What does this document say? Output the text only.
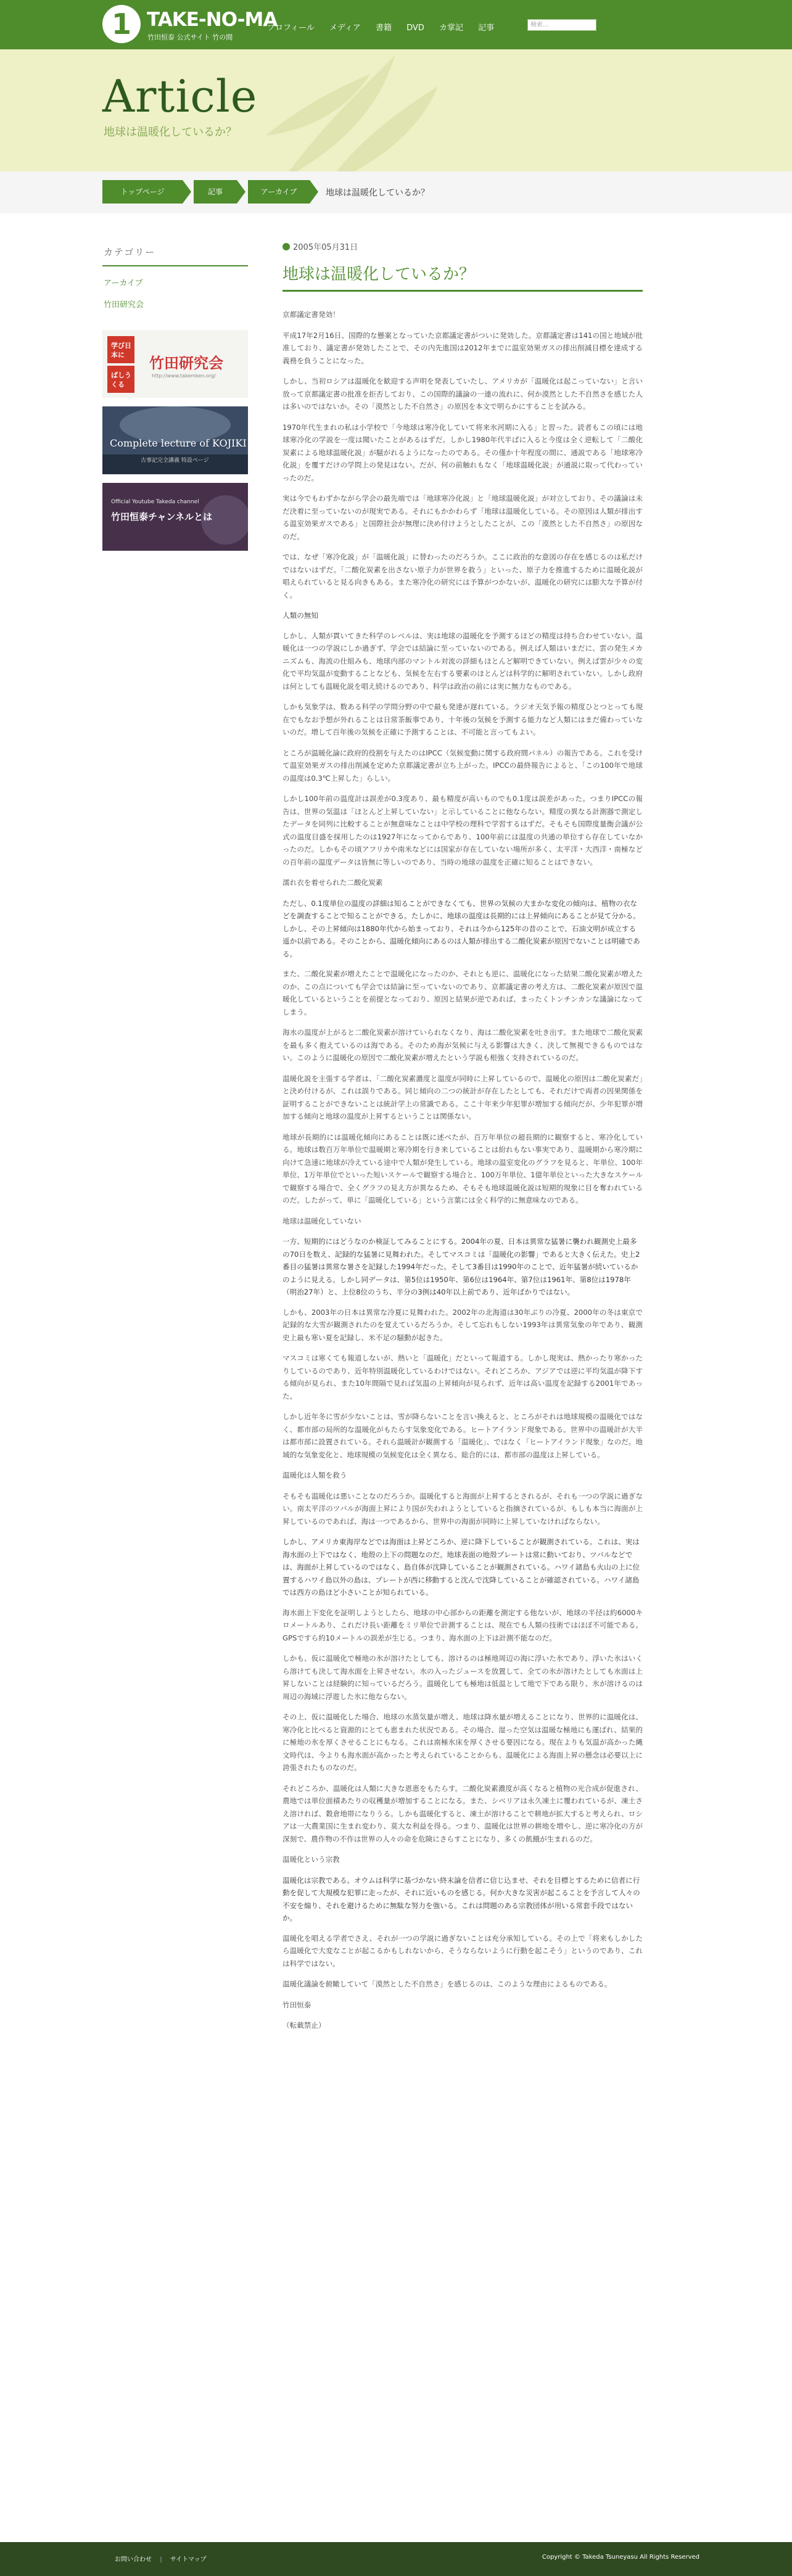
1 TAKE-NO-MA
竹田恒泰 公式サイト 竹の間
プロフィール メディア 書籍 DVD カ掌記 記事	検索...
Article
地球は温暖化しているか？
トップページ	記事	アーカイブ	地球は温暖化しているか？
カテゴリー
アーカイブ
竹田研究会
学び日本に
ばしうくる
竹田研究会
http://www.takemken.org/
Complete lecture of KOJIKI
古事記完全講義 特設ページ
Official Youtube Takeda channel
竹田恒泰チャンネルとは
2005年05月31日
地球は温暖化しているか？

京都議定書発効！

平成17年2月16日、国際的な懸案となっていた京都議定書がついに発効した。京都議定書は141の国と地域が批准しており、議定書が発効したことで、その内先進国は2012年までに温室効果ガスの排出削減目標を達成する義務を負うことになった。

しかし、当初ロシアは温暖化を歓迎する声明を発表していたし、アメリカが「温暖化は起こっていない」と言い放って京都議定書の批准を拒否しており、この国際的議論の一連の流れに、何か漠然とした不自然さを感じた人は多いのではないか。その「漠然とした不自然さ」の原因を本文で明らかにすることを試みる。

1970年代生まれの私は小学校で「今地球は寒冷化していて将来氷河期に入る」と習った。読者もこの頃には地球寒冷化の学説を一度は聞いたことがあるはずだ。しかし1980年代半ばに入ると今度は全く逆転して「二酸化炭素による地球温暖化説」が騒がれるようになったのである。その僅か十年程度の間に、通説である「地球寒冷化説」を覆すだけの学問上の発見はない。だが、何の前触れもなく「地球温暖化説」が通説に取って代わっていったのだ。

実は今でもわずかながら学会の最先端では「地球寒冷化説」と「地球温暖化説」が対立しており、その議論は未だ決着に至っていないのが現実である。それにもかかわらず「地球は温暖化している。その原因は人類が排出する温室効果ガスである」と国際社会が無理に決め付けようとしたことが、この「漠然とした不自然さ」の原因なのだ。

では、なぜ「寒冷化説」が「温暖化説」に替わったのだろうか。ここに政治的な意図の存在を感じるのは私だけではないはずだ。「二酸化炭素を出さない原子力が世界を救う」といった、原子力を推進するために温暖化説が唱えられていると見る向きもある。また寒冷化の研究には予算がつかないが、温暖化の研究には膨大な予算が付く。

人類の無知

しかし、人類が貫いてきた科学のレベルは、実は地球の温暖化を予測するほどの精度は持ち合わせていない。温暖化は一つの学説にしか過ぎず、学会では結論に至っていないのである。例えば人類はいまだに、雲の発生メカニズムも、海流の仕組みも、地球内部のマントル対流の詳細もほとんど解明できていない。例えば雲が少々の変化で平均気温が変動することなども、気候を左右する要素のほとんどは科学的に解明されていない。しかし政府は何としても温暖化説を唱え続けるのであり、科学は政治の前には実に無力なものである。

しかも気象学は、数ある科学の学問分野の中で最も発達が遅れている。ラジオ天気予報の精度ひとつとっても現在でもなお予想が外れることは日常茶飯事であり、十年後の気候を予測する能力など人類にはまだ備わっていないのだ。増して百年後の気候を正確に予測することは、不可能と言ってもよい。

ところが温暖化論に政府的役割を与えたのはIPCC（気候変動に関する政府間パネル）の報告である。これを受けて温室効果ガスの排出削減を定めた京都議定書が立ち上がった。IPCCの最終報告によると、「この100年で地球の温度は0.3℃上昇した」らしい。

しかし100年前の温度計は誤差が0.3度あり、最も精度が高いものでも0.1度は誤差があった。つまりIPCCの報告は、世界の気温は「ほとんど上昇していない」と示していることに他ならない。精度の異なる計測器で測定したデータを同列に比較することが無意味なことは中学校の理科で学習するはずだ。そもそも国際度量衡会議が公式の温度目盛を採用したのは1927年になってからであり、100年前には温度の共通の単位すら存在していなかったのだ。しかもその頃アフリカや南米などには国家が存在していない場所が多く、太平洋・大西洋・南極などの百年前の温度データは皆無に等しいのであり、当時の地球の温度を正確に知ることはできない。

濡れ衣を着せられた二酸化炭素

ただし、0.1度単位の温度の詳細は知ることができなくても、世界の気候の大まかな変化の傾向は、植物の衣などを調査することで知ることができる。たしかに、地球の温度は長期的には上昇傾向にあることが見て分かる。しかし、その上昇傾向は1880年代から始まっており、それは今から125年の昔のことで、石油文明が成立する遥か以前である。そのことから、温暖化傾向にあるのは人類が排出する二酸化炭素が原因でないことは明確である。

また、二酸化炭素が増えたことで温暖化になったのか、それとも逆に、温暖化になった結果二酸化炭素が増えたのか、この点についても学会では結論に至っていないのであり、京都議定書の考え方は、二酸化炭素が原因で温暖化しているということを前提となっており、原因と結果が逆であれば、まったくトンチンカンな議論になってしまう。

海水の温度が上がると二酸化炭素が溶けていられなくなり、海は二酸化炭素を吐き出す。また地球で二酸化炭素を最も多く抱えているのは海である。そのため海が気候に与える影響は大きく、決して無視できるものではない。このように温暖化の原因で二酸化炭素が増えたという学説も根強く支持されているのだ。

温暖化説を主張する学者は、「二酸化炭素濃度と温度が同時に上昇しているので、温暖化の原因は二酸化炭素だ」と決め付けるが、これは誤りである。同じ傾向の二つの統計が存在したとしても、それだけで両者の因果関係を証明することができないことは統計学上の常識である。ここ十年来少年犯罪が増加する傾向だが、少年犯罪が増加する傾向と地球の温度が上昇するということは関係ない。

地球が長期的には温暖化傾向にあることは既に述べたが、百万年単位の超長期的に観察すると、寒冷化している。地球は数百万年単位で温暖期と寒冷期を行き来していることは紛れもない事実であり、温暖期から寒冷期に向けて急速に地球が冷えている途中で人類が発生している。地球の温室変化のグラフを見ると、年単位、100年単位、1万年単位でといった短いスケールで観察する場合と、100万年単位、1億年単位といった大きなスケールで観察する場合で、全くグラフの見え方が異なるため、そもそも地球温暖化説は短期的現象に目を奪われているのだ。したがって、単に「温暖化している」という言葉には全く科学的に無意味なのである。

地球は温暖化していない

一方、短期的にはどうなのか検証してみることにする。2004年の夏、日本は異常な猛暑に襲われ観測史上最多の70日を数え、記録的な猛暑に見舞われた。そしてマスコミは「温暖化の影響」であると大きく伝えた。史上2番目の猛暑は異常な暑さを記録した1994年だった。そして3番目は1990年のことで、近年猛暑が続いているかのように見える。しかし同データは、第5位は1950年、第6位は1964年、第7位は1961年、第8位は1978年（明治27年）と、上位8位のうち、半分の3例は40年以上前であり、近年ばかりではない。

しかも、2003年の日本は異常な冷夏に見舞われた。2002年の北海道は30年ぶりの冷夏、2000年の冬は東京で記録的な大雪が観測されたのを覚えているだろうか。そして忘れもしない1993年は異常気象の年であり、観測史上最も寒い夏を記録し、米不足の騒動が起きた。

マスコミは寒くても報道しないが、熱いと「温暖化」だといって報道する。しかし現実は、熱かったり寒かったりしているのであり、近年特別温暖化しているわけではない。それどころか、アジアでは逆に平均気温が降下する傾向が見られ、また10年間隔で見れば気温の上昇傾向が見られず、近年は高い温度を記録する2001年であった。

しかし近年冬に雪が少ないことは、雪が降らないことを言い換えると、ところがそれは地球規模の温暖化ではなく、都市部の局所的な温暖化がもたらす気象変化である。ヒートアイランド現象である。世界中の温暖計が大半は都市部に設置されている。それら温暖計が観測する「温暖化」、ではなく「ヒートアイランド現象」なのだ。地域的な気象変化と、地球規模の気候変化は全く異なる。総合的には、都市部の温度は上昇している。

温暖化は人類を救う

そもそも温暖化は悪いことなのだろうか。温暖化すると海面が上昇するとされるが、それも一つの学説に過ぎない。南太平洋のツバルが海面上昇により国が失われようとしていると指摘されているが、もしも本当に海面が上昇しているのであれば、海は一つであるから、世界中の海面が同時に上昇していなければならない。

しかし、アメリカ東海岸などでは海面は上昇どころか、逆に降下していることが観測されている。これは、実は海水面の上下ではなく、地殻の上下の問題なのだ。地球表面の地殻プレートは常に動いており、ツバルなどでは、海面が上昇しているのではなく、島自体が沈降していることが観測されている。ハワイ諸島も火山の上に位置するハワイ島以外の島は、プレートが西に移動すると沈んで沈降していることが確認されている。ハワイ諸島では西方の島ほど小さいことが知られている。

海水面上下変化を証明しようとしたら、地球の中心部からの距離を測定する他ないが、地球の半径は約6000キロメートルあり、これだけ長い距離をミリ単位で計測することは、現在でも人類の技術ではほぼ不可能である。GPSですら約10メートルの誤差が生じる。つまり、海水面の上下は計測不能なのだ。

しかも、仮に温暖化で極地の氷が溶けたとしても、溶けるのは極地周辺の海に浮いた氷であり、浮いた氷はいくら溶けても決して海水面を上昇させない。水の入ったジュースを放置して、全ての氷が溶けたとしても水面は上昇しないことは経験的に知っているだろう。温暖化しても極地は低温として地で下である限り、氷が溶けるのは周辺の海域に浮遊した氷に他ならない。

その上、仮に温暖化した場合、地球の水蒸気量が増え、地球は降水量が増えることになり、世界的に温暖化は、寒冷化と比べると資源的にとても恵まれた状況である。その場合、湿った空気は温暖な極地にも運ばれ、結果的に極地の氷を厚くさせることにもなる。これは南極氷床を厚くさせる要因になる。現在よりも気温が高かった縄文時代は、今よりも海水面が高かったと考えられていることからも、温暖化による海面上昇の懸念は必要以上に誇張されたものなのだ。

それどころか、温暖化は人類に大きな恩恵をもたらす。二酸化炭素濃度が高くなると植物の光合成が促進され、農地では単位面積あたりの収穫量が増加することになる。また、シベリアは永久凍土に覆われているが、凍土さえ溶ければ、穀倉地帯になりうる。しかも温暖化すると、凍土が溶けることで耕地が拡大すると考えられ、ロシアは一大農業国に生まれ変わり、莫大な利益を得る。つまり、温暖化は世界の耕地を増やし、逆に寒冷化の方が深刻で、農作物の不作は世界の人々の命を危険にさらすことになり、多くの飢餓が生まれるのだ。

温暖化という宗教

温暖化は宗教である。オウムは科学に基づかない終末論を信者に信じ込ませ、それを目標とするために信者に行動を促して大規模な犯罪に走ったが、それに近いものを感じる。何か大きな災害が起こることを予言して人々の不安を煽り、それを避けるために無駄な努力を強いる。これは問題のある宗教団体が用いる常套手段ではないか。

温暖化を唱える学者でさえ、それが一つの学説に過ぎないことは充分承知している。その上で「将来もしかしたら温暖化で大変なことが起こるかもしれないから、そうならないように行動を起こそう」というのであり、これは科学ではない。

温暖化議論を俯瞰していて「漠然とした不自然さ」を感じるのは、このような理由によるものである。

竹田恒泰

（転載禁止）

お問い合わせ | サイトマップ	Copyright © Takeda Tsuneyasu All Rights Reserved
